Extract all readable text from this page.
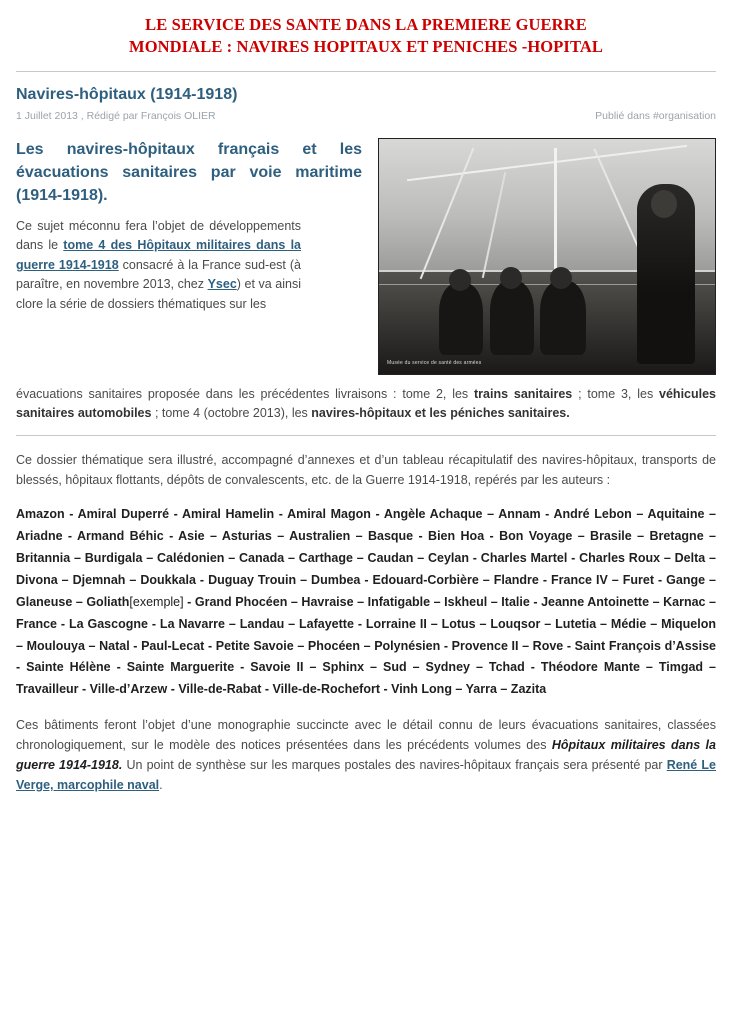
LE SERVICE DES SANTE DANS LA PREMIERE GUERRE
MONDIALE : NAVIRES HOPITAUX ET PENICHES -HOPITAL
Navires-hôpitaux (1914-1918)
1 Juillet 2013 , Rédigé par François OLIER	Publié dans #organisation
Musée du service de santé des armées

Les navires-hôpitaux français et les évacuations sanitaires par voie maritime (1914-1918).

Ce sujet méconnu fera l’objet de développements dans le tome 4 des Hôpitaux militaires dans la guerre 1914-1918 consacré à la France sud-est (à paraître, en novembre 2013, chez Ysec) et va ainsi clore la série de dossiers thématiques sur les

évacuations sanitaires proposée dans les précédentes livraisons : tome 2, les trains sanitaires ; tome 3, les véhicules sanitaires automobiles ; tome 4 (octobre 2013), les navires-hôpitaux et les péniches sanitaires.

Ce dossier thématique sera illustré, accompagné d’annexes et d’un tableau récapitulatif des navires-hôpitaux, transports de blessés, hôpitaux flottants, dépôts de convalescents, etc. de la Guerre 1914-1918, repérés par les auteurs :

Amazon - Amiral Duperré - Amiral Hamelin - Amiral Magon - Angèle Achaque – Annam - André Lebon – Aquitaine – Ariadne - Armand Béhic - Asie – Asturias – Australien – Basque - Bien Hoa - Bon Voyage – Brasile – Bretagne – Britannia – Burdigala – Calédonien – Canada – Carthage – Caudan – Ceylan - Charles Martel - Charles Roux – Delta – Divona – Djemnah – Doukkala - Duguay Trouin – Dumbea - Edouard-Corbière – Flandre - France IV – Furet - Gange – Glaneuse – Goliath[exemple] - Grand Phocéen – Havraise – Infatigable – Iskheul – Italie - Jeanne Antoinette – Karnac – France - La Gascogne - La Navarre – Landau – Lafayette - Lorraine II – Lotus – Louqsor – Lutetia – Médie – Miquelon – Moulouya – Natal - Paul-Lecat - Petite Savoie – Phocéen – Polynésien - Provence II – Rove - Saint François d’Assise - Sainte Hélène - Sainte Marguerite - Savoie II – Sphinx – Sud – Sydney – Tchad - Théodore Mante – Timgad – Travailleur - Ville-d’Arzew - Ville-de-Rabat - Ville-de-Rochefort - Vinh Long – Yarra – Zazita

Ces bâtiments feront l’objet d’une monographie succincte avec le détail connu de leurs évacuations sanitaires, classées chronologiquement, sur le modèle des notices présentées dans les précédents volumes des Hôpitaux militaires dans la guerre 1914-1918. Un point de synthèse sur les marques postales des navires-hôpitaux français sera présenté par René Le Verge, marcophile naval.
